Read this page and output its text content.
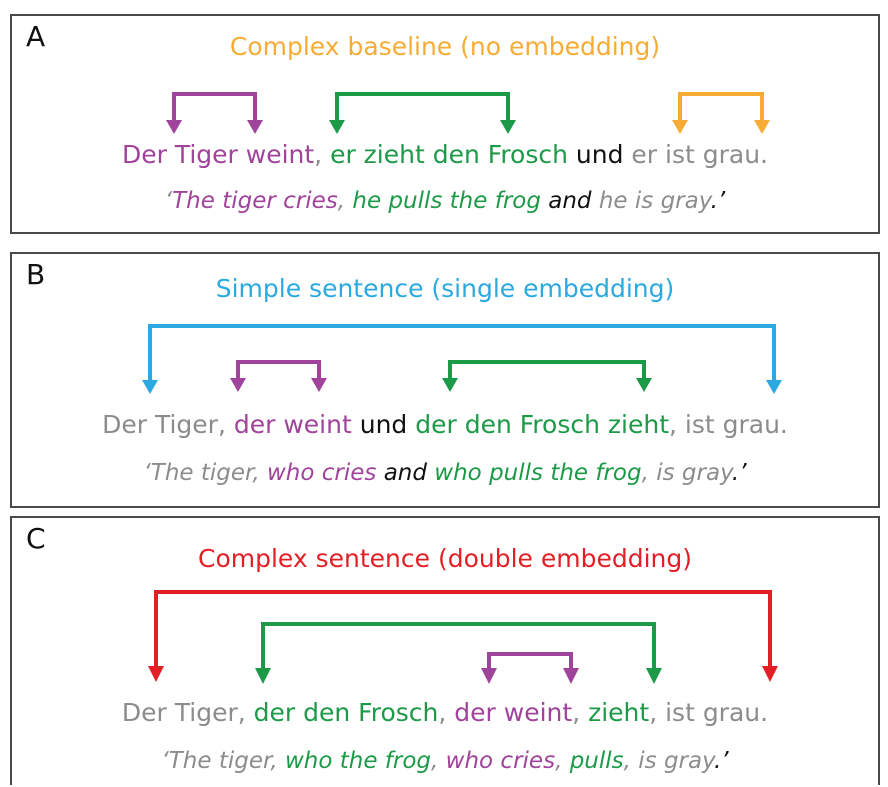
A	Complex baseline (no embedding)
Der Tiger weint, er zieht den Frosch und er ist grau.
‘The tiger cries, he pulls the frog and he is gray.’
B	Simple sentence (single embedding)
Der Tiger, der weint und der den Frosch zieht, ist grau.
‘The tiger, who cries and who pulls the frog, is gray.’
C
Complex sentence (double embedding)
Der Tiger, der den Frosch, der weint, zieht, ist grau.
‘The tiger, who the frog, who cries, pulls, is gray.’
